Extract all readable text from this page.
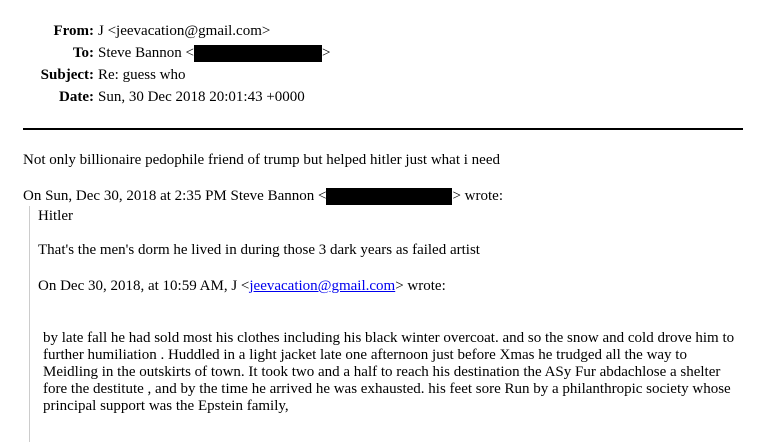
From: J <jeevacation@gmail.com>
To: Steve Bannon <	>
Subject: Re: guess who
Date: Sun, 30 Dec 2018 20:01:43 +0000
Not only billionaire pedophile friend of trump but helped hitler just what i need
On Sun, Dec 30, 2018 at 2:35 PM Steve Bannon <	> wrote:
Hitler
That's the men's dorm he lived in during those 3 dark years as failed artist
On Dec 30, 2018, at 10:59 AM, J <jeevacation@gmail.com> wrote:
by late fall he had sold most his clothes including his black winter overcoat. and so the snow and cold drove him to further humiliation . Huddled in a light jacket late one afternoon just before Xmas he trudged all the way to Meidling in the outskirts of town. It took two and a half to reach his destination the ASy Fur abdachlose a shelter fore the destitute , and by the time he arrived he was exhausted. his feet sore Run by a philanthropic society whose principal support was the Epstein family,
